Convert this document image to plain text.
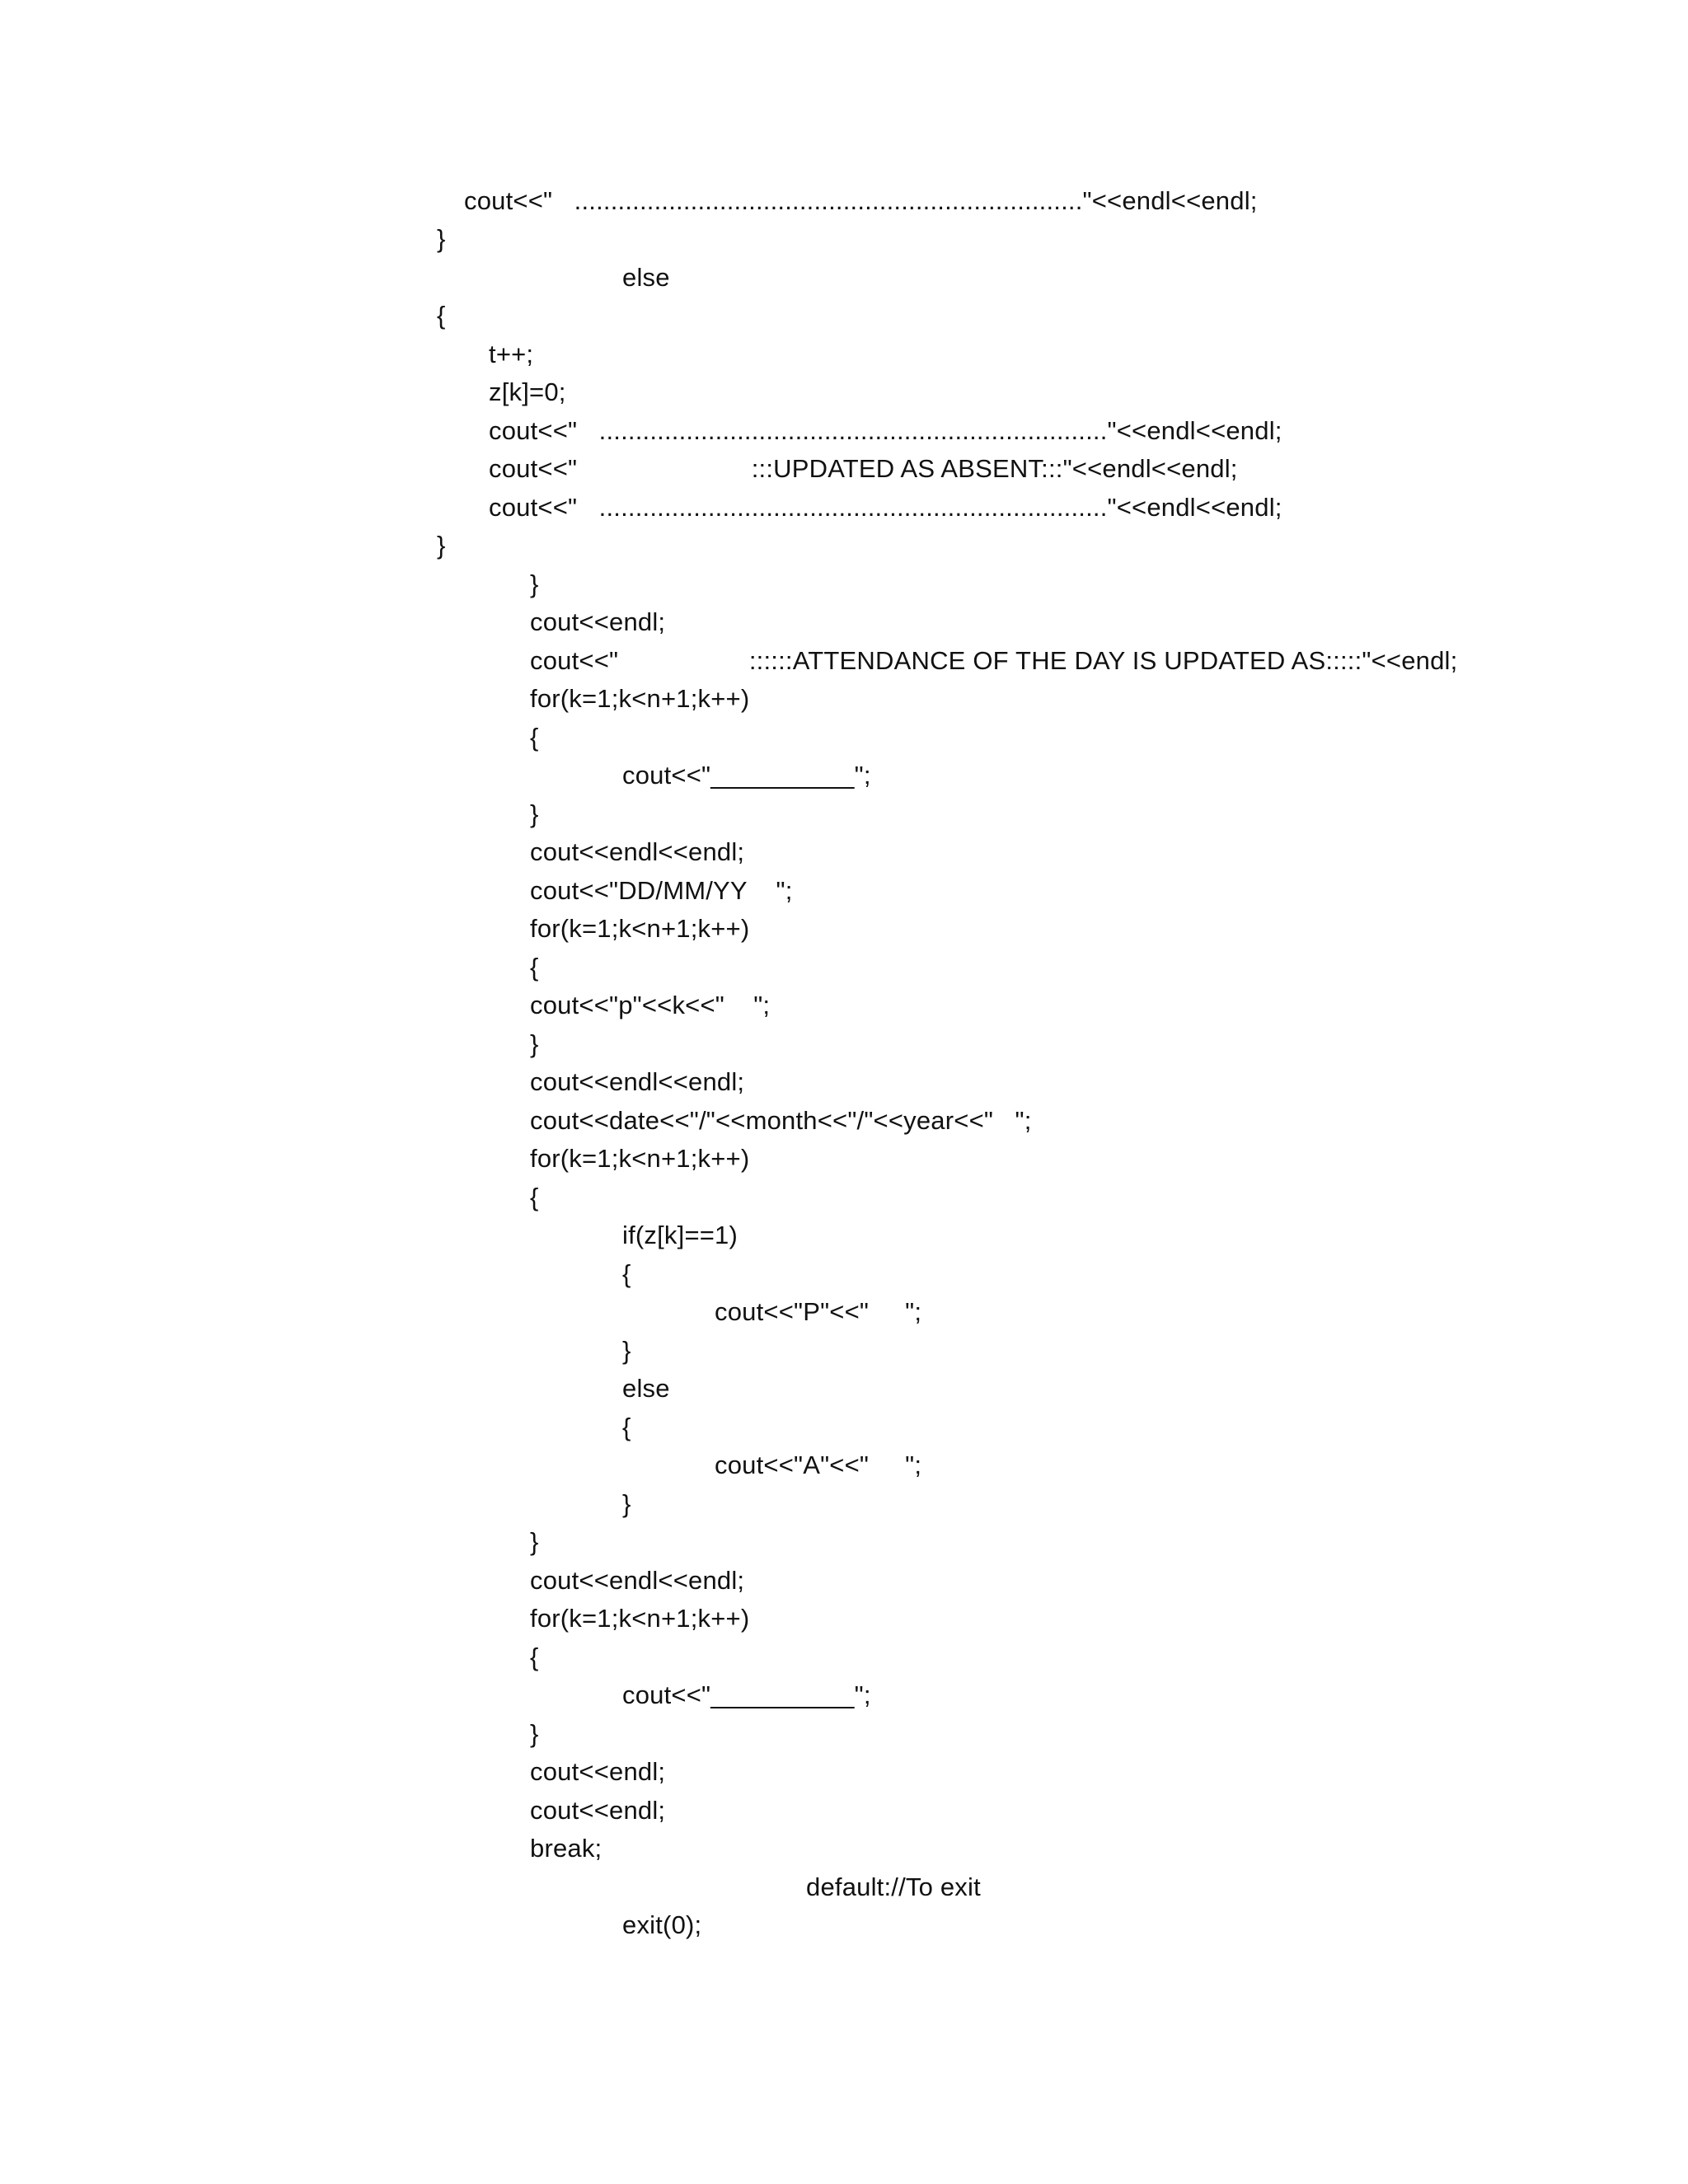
cout<<"   ......................................................................"<<endl<<endl;
}
else
{
t++;
z[k]=0;
cout<<"   ......................................................................"<<endl<<endl;
cout<<"                        :::UPDATED AS ABSENT:::"<<endl<<endl;
cout<<"   ......................................................................"<<endl<<endl;
}
}
cout<<endl;
cout<<"                  ::::::ATTENDANCE OF THE DAY IS UPDATED AS:::::"<<endl;
for(k=1;k<n+1;k++)
{
cout<<"__________";
}
cout<<endl<<endl;
cout<<"DD/MM/YY    ";
for(k=1;k<n+1;k++)
{
cout<<"p"<<k<<"    ";
}
cout<<endl<<endl;
cout<<date<<"/"<<month<<"/"<<year<<"   ";
for(k=1;k<n+1;k++)
{
if(z[k]==1)
{
cout<<"P"<<"     ";
}
else
{
cout<<"A"<<"     ";
}
}
cout<<endl<<endl;
for(k=1;k<n+1;k++)
{
cout<<"__________";
}
cout<<endl;
cout<<endl;
break;
default://To exit
exit(0);
